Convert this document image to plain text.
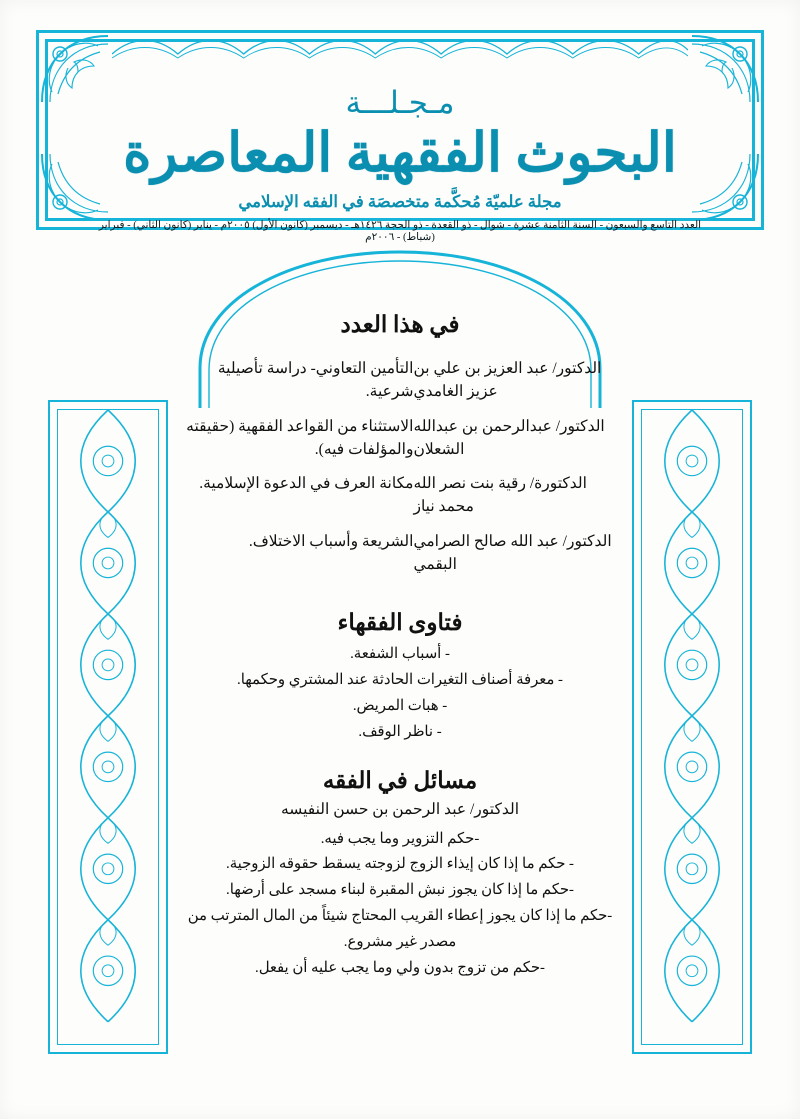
مـجـلـــة
البحوث الفقهية المعاصرة
مجلة علميّة مُحكَّمة متخصصَة في الفقه الإسلامي
العدد التاسع والسبعون - السنة الثامنة عشرة - شوال - ذو القعدة - ذو الحجة ١٤٢٦هـ - ديسمبر (كانون الأول) ٢٠٠٥م - يناير (كانون الثاني) - فبراير (شباط) - ٢٠٠٦م
في هذا العدد
الدكتور/ عبد العزيز بن علي بن عزيز الغامدي	التأمين التعاوني- دراسة تأصيلية شرعية.
الدكتور/ عبدالرحمن بن عبدالله الشعلان	الاستثناء من القواعد الفقهية (حقيقته والمؤلفات فيه).
الدكتورة/ رقية بنت نصر الله محمد نياز	مكانة العرف في الدعوة الإسلامية.
الدكتور/ عبد الله صالح الصرامي البقمي	الشريعة وأسباب الاختلاف.
فتاوى الفقهاء
- أسباب الشفعة.
- معرفة أصناف التغيرات الحادثة عند المشتري وحكمها.
- هبات المريض.
- ناظر الوقف.
مسائل في الفقه
الدكتور/ عبد الرحمن بن حسن النفيسه
-حكم التزوير وما يجب فيه.
- حكم ما إذا كان إيذاء الزوج لزوجته يسقط حقوقه الزوجية.
-حكم ما إذا كان يجوز نبش المقبرة لبناء مسجد على أرضها.
-حكم ما إذا كان يجوز إعطاء القريب المحتاج شيئاً من المال المترتب من مصدر غير مشروع.
-حكم من تزوج بدون ولي وما يجب عليه أن يفعل.
